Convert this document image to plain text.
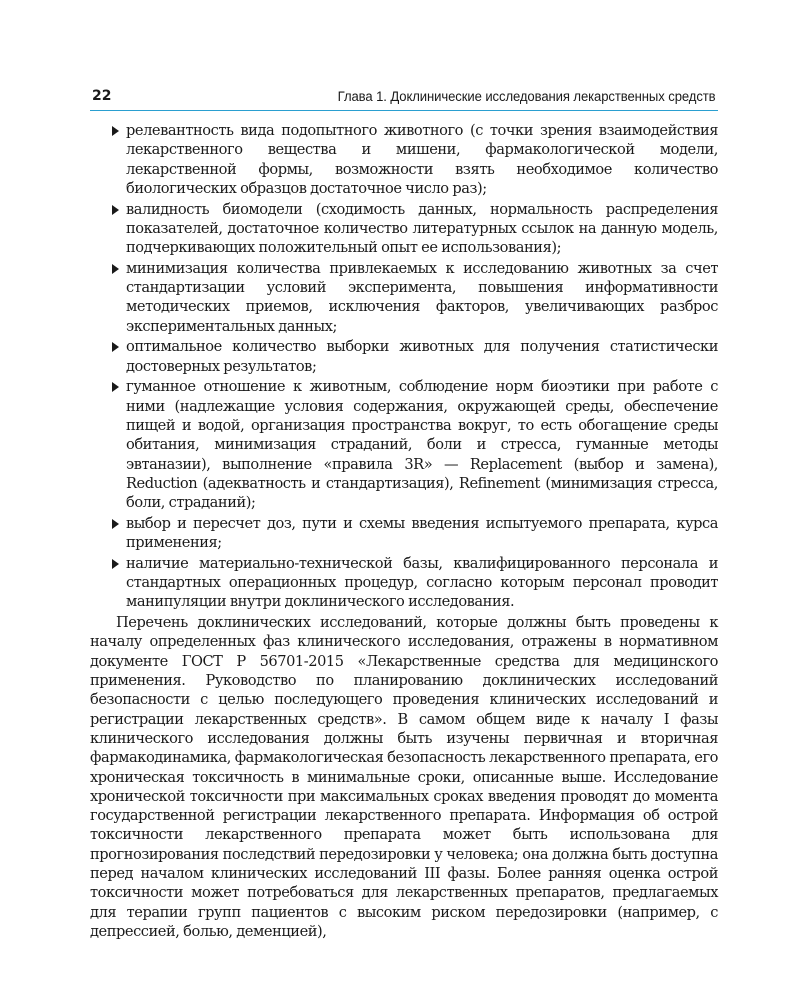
22	Глава 1. Доклинические исследования лекарственных средств
релевантность вида подопытного животного (с точки зрения взаимодействия лекарственного вещества и мишени, фармакологической модели, лекарственной формы, возможности взять необходимое количество биологических образцов достаточное число раз);
валидность биомодели (сходимость данных, нормальность распределения показателей, достаточное количество литературных ссылок на данную модель, подчеркивающих положительный опыт ее использования);
минимизация количества привлекаемых к исследованию животных за счет стандартизации условий эксперимента, повышения информативности методических приемов, исключения факторов, увеличивающих разброс экспериментальных данных;
оптимальное количество выборки животных для получения статистически достоверных результатов;
гуманное отношение к животным, соблюдение норм биоэтики при работе с ними (надлежащие условия содержания, окружающей среды, обеспечение пищей и водой, организация пространства вокруг, то есть обогащение среды обитания, минимизация страданий, боли и стресса, гуманные методы эвтаназии), выполнение «правила 3R» — Replacement (выбор и замена), Reduction (адекватность и стандартизация), Refinement (минимизация стресса, боли, страданий);
выбор и пересчет доз, пути и схемы введения испытуемого препарата, курса применения;
наличие материально-технической базы, квалифицированного персонала и стандартных операционных процедур, согласно которым персонал проводит манипуляции внутри доклинического исследования.

Перечень доклинических исследований, которые должны быть проведены к началу определенных фаз клинического исследования, отражены в нормативном документе ГОСТ Р 56701-2015 «Лекарственные средства для медицинского применения. Руководство по планированию доклинических исследований безопасности с целью последующего проведения клинических исследований и регистрации лекарственных средств». В самом общем виде к началу I фазы клинического исследования должны быть изучены первичная и вторичная фармакодинамика, фармакологическая безопасность лекарственного препарата, его хроническая токсичность в минимальные сроки, описанные выше. Исследование хронической токсичности при максимальных сроках введения проводят до момента государственной регистрации лекарственного препарата. Информация об острой токсичности лекарственного препарата может быть использована для прогнозирования последствий передозировки у человека; она должна быть доступна перед началом клинических исследований III фазы. Более ранняя оценка острой токсичности может потребоваться для лекарственных препаратов, предлагаемых для терапии групп пациентов с высоким риском передозировки (например, с депрессией, болью, деменцией),
